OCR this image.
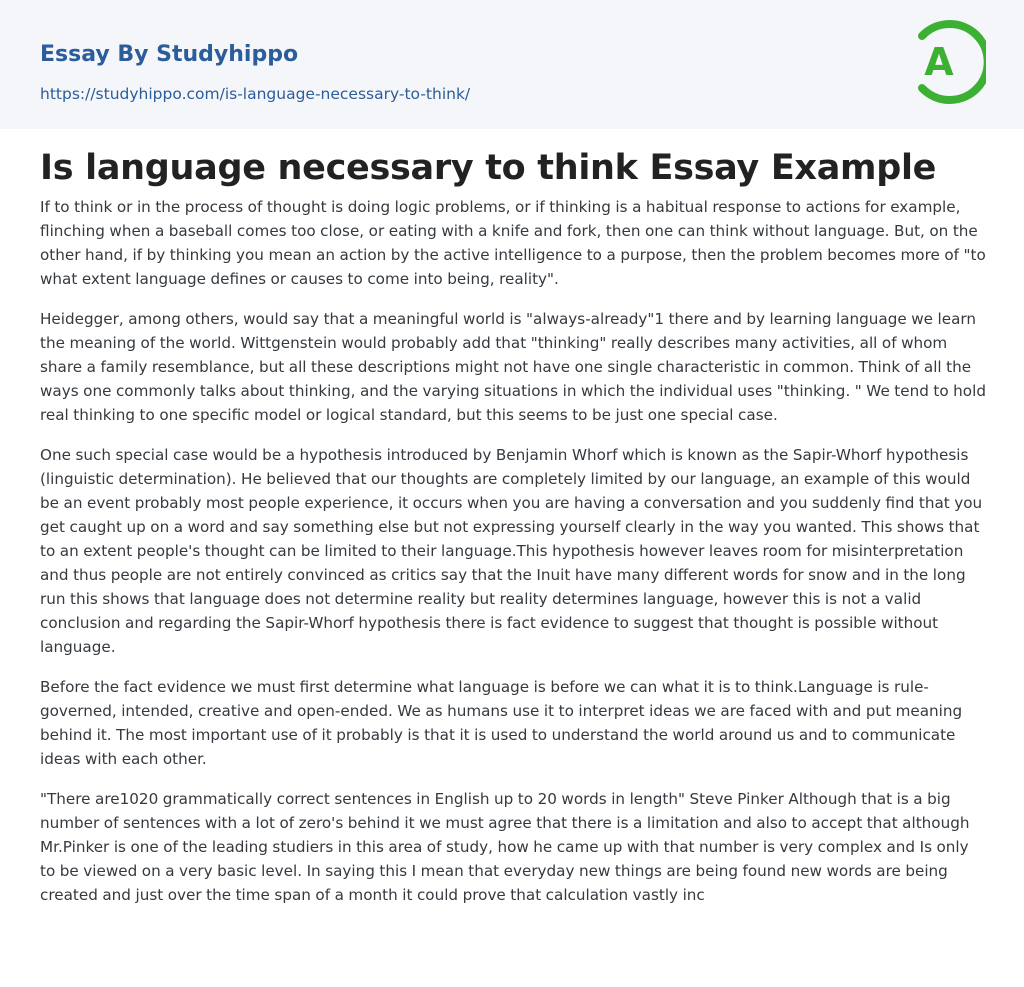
Essay By Studyhippo
https://studyhippo.com/is-language-necessary-to-think/
A
Is language necessary to think Essay Example

If to think or in the process of thought is doing logic problems, or if thinking is a habitual response to actions for example, flinching when a baseball comes too close, or eating with a knife and fork, then one can think without language. But, on the other hand, if by thinking you mean an action by the active intelligence to a purpose, then the problem becomes more of "to what extent language defines or causes to come into being, reality".

Heidegger, among others, would say that a meaningful world is "always-already"1 there and by learning language we learn the meaning of the world. Wittgenstein would probably add that "thinking" really describes many activities, all of whom share a family resemblance, but all these descriptions might not have one single characteristic in common. Think of all the ways one commonly talks about thinking, and the varying situations in which the individual uses "thinking. " We tend to hold real thinking to one specific model or logical standard, but this seems to be just one special case.

One such special case would be a hypothesis introduced by Benjamin Whorf which is known as the Sapir-Whorf hypothesis (linguistic determination). He believed that our thoughts are completely limited by our language, an example of this would be an event probably most people experience, it occurs when you are having a conversation and you suddenly find that you get caught up on a word and say something else but not expressing yourself clearly in the way you wanted. This shows that to an extent people's thought can be limited to their language.This hypothesis however leaves room for misinterpretation and thus people are not entirely convinced as critics say that the Inuit have many different words for snow and in the long run this shows that language does not determine reality but reality determines language, however this is not a valid conclusion and regarding the Sapir-Whorf hypothesis there is fact evidence to suggest that thought is possible without language.

Before the fact evidence we must first determine what language is before we can what it is to think.Language is rule-governed, intended, creative and open-ended. We as humans use it to interpret ideas we are faced with and put meaning behind it. The most important use of it probably is that it is used to understand the world around us and to communicate ideas with each other.

"There are1020 grammatically correct sentences in English up to 20 words in length" Steve Pinker Although that is a big number of sentences with a lot of zero's behind it we must agree that there is a limitation and also to accept that although Mr.Pinker is one of the leading studiers in this area of study, how he came up with that number is very complex and Is only to be viewed on a very basic level. In saying this I mean that everyday new things are being found new words are being created and just over the time span of a month it could prove that calculation vastly inc
